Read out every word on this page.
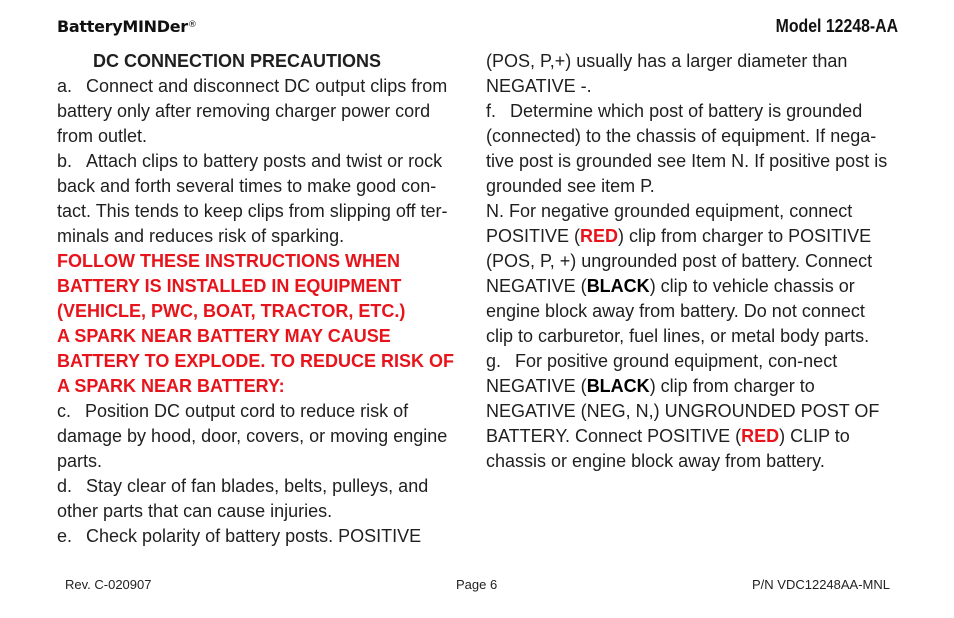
BatteryMINDer®	Model 12248-AA

DC CONNECTION PRECAUTIONS

a. Connect and disconnect DC output clips from battery only after removing charger power cord from outlet.

b. Attach clips to battery posts and twist or rock back and forth several times to make good con-tact. This tends to keep clips from slipping off ter-minals and reduces risk of sparking.

FOLLOW THESE INSTRUCTIONS WHEN BATTERY IS INSTALLED IN EQUIPMENT (VEHICLE, PWC, BOAT, TRACTOR, ETC.)

A SPARK NEAR BATTERY MAY CAUSE BATTERY TO EXPLODE. TO REDUCE RISK OF A SPARK NEAR BATTERY:

c. Position DC output cord to reduce risk of damage by hood, door, covers, or moving engine parts.

d. Stay clear of fan blades, belts, pulleys, and other parts that can cause injuries.

e. Check polarity of battery posts. POSITIVE

(POS, P,+) usually has a larger diameter than NEGATIVE -.

f. Determine which post of battery is grounded (connected) to the chassis of equipment. If nega-tive post is grounded see Item N. If positive post is grounded see item P.

N. For negative grounded equipment, connect POSITIVE (RED) clip from charger to POSITIVE (POS, P, +) ungrounded post of battery. Connect NEGATIVE (BLACK) clip to vehicle chassis or engine block away from battery. Do not connect clip to carburetor, fuel lines, or metal body parts.

g. For positive ground equipment, con-nect NEGATIVE (BLACK) clip from charger to NEGATIVE (NEG, N,) UNGROUNDED POST OF BATTERY. Connect POSITIVE (RED) CLIP to chassis or engine block away from battery.

Rev. C-020907	Page 6	P/N VDC12248AA-MNL
